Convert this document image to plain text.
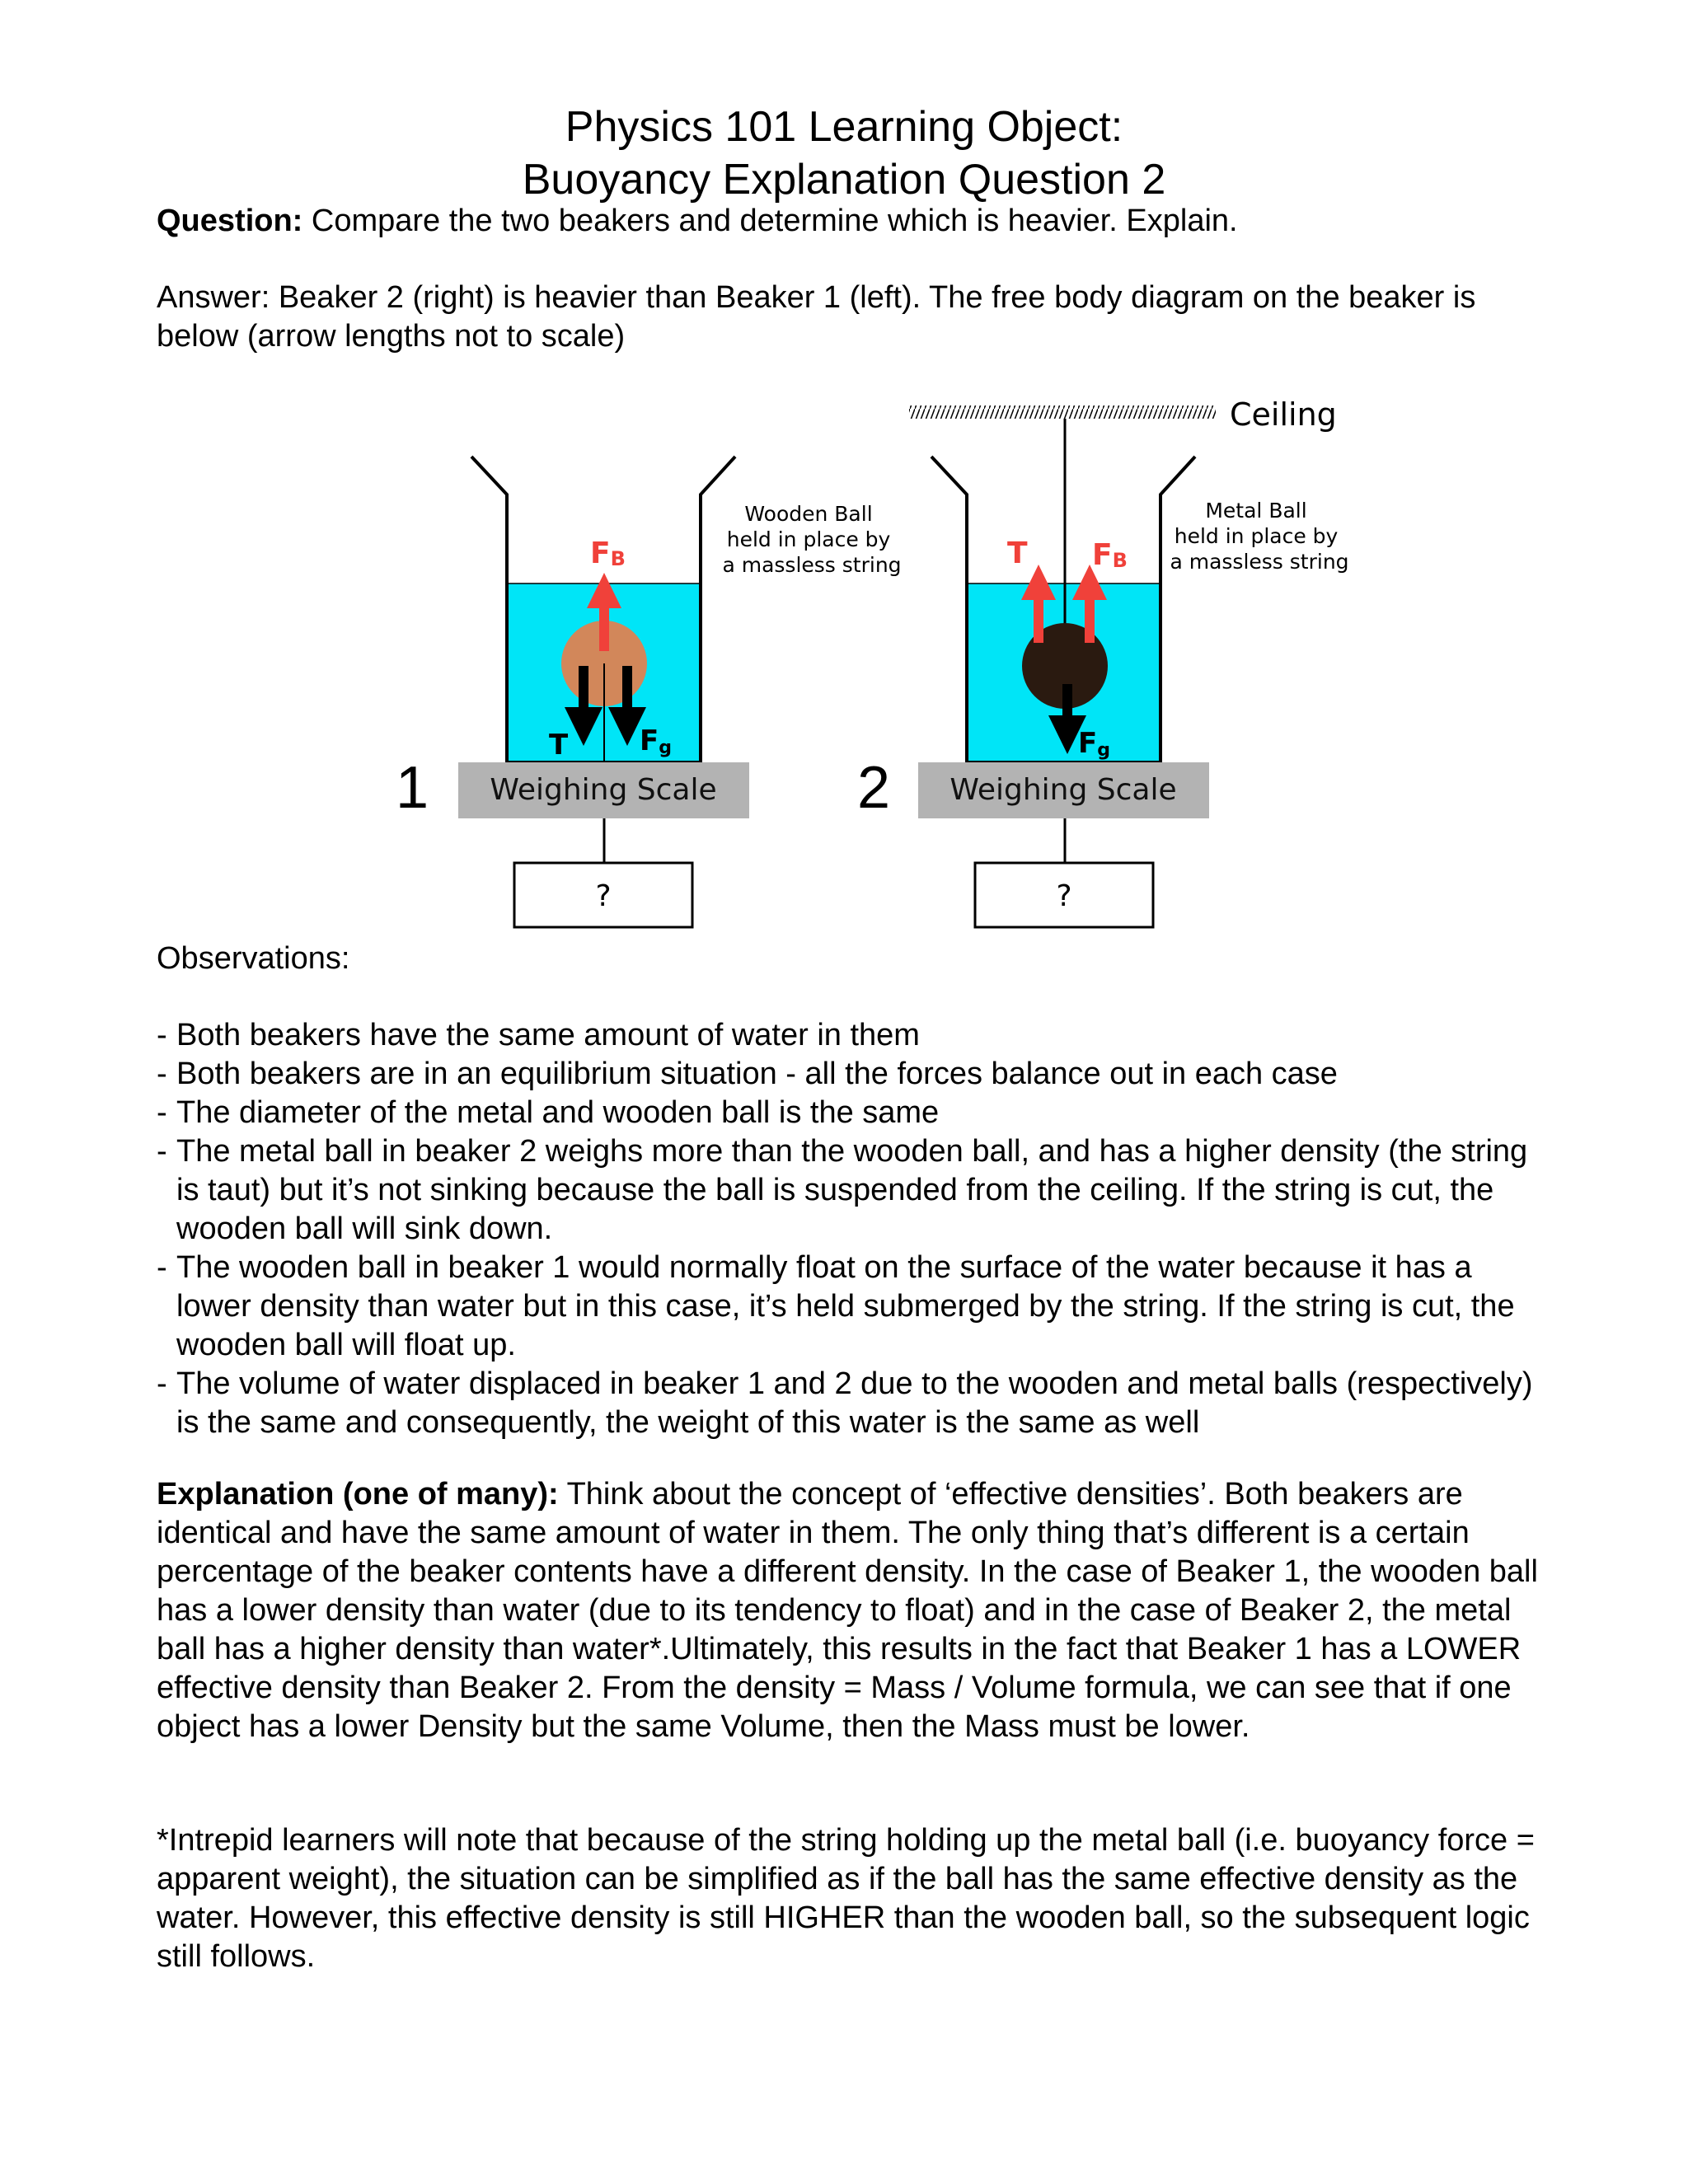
Physics 101 Learning Object:
Buoyancy Explanation Question 2

Question: Compare the two beakers and determine which is heavier. Explain.

Answer: Beaker 2 (right) is heavier than Beaker 1 (left). The free body diagram on the beaker is below (arrow lengths not to scale)

Ceiling
FB
T	Fg
Wooden Ball held in place by a massless string
1 Weighing Scale
?
T FB
Fg
Metal Ball held in place by a massless string
2 Weighing Scale
?

Observations:

- Both beakers have the same amount of water in them
- Both beakers are in an equilibrium situation - all the forces balance out in each case
- The diameter of the metal and wooden ball is the same
- The metal ball in beaker 2 weighs more than the wooden ball, and has a higher density (the string is taut) but it’s not sinking because the ball is suspended from the ceiling. If the string is cut, the wooden ball will sink down.
- The wooden ball in beaker 1 would normally float on the surface of the water because it has a lower density than water but in this case, it’s held submerged by the string. If the string is cut, the wooden ball will float up.
- The volume of water displaced in beaker 1 and 2 due to the wooden and metal balls (respectively) is the same and consequently, the weight of this water is the same as well

Explanation (one of many): Think about the concept of ‘effective densities’. Both beakers are identical and have the same amount of water in them. The only thing that’s different is a certain percentage of the beaker contents have a different density. In the case of Beaker 1, the wooden ball has a lower density than water (due to its tendency to float) and in the case of Beaker 2, the metal ball has a higher density than water*.Ultimately, this results in the fact that Beaker 1 has a LOWER effective density than Beaker 2. From the density = Mass / Volume formula, we can see that if one object has a lower Density but the same Volume, then the Mass must be lower.

*Intrepid learners will note that because of the string holding up the metal ball (i.e. buoyancy force = apparent weight), the situation can be simplified as if the ball has the same effective density as the water. However, this effective density is still HIGHER than the wooden ball, so the subsequent logic still follows.
